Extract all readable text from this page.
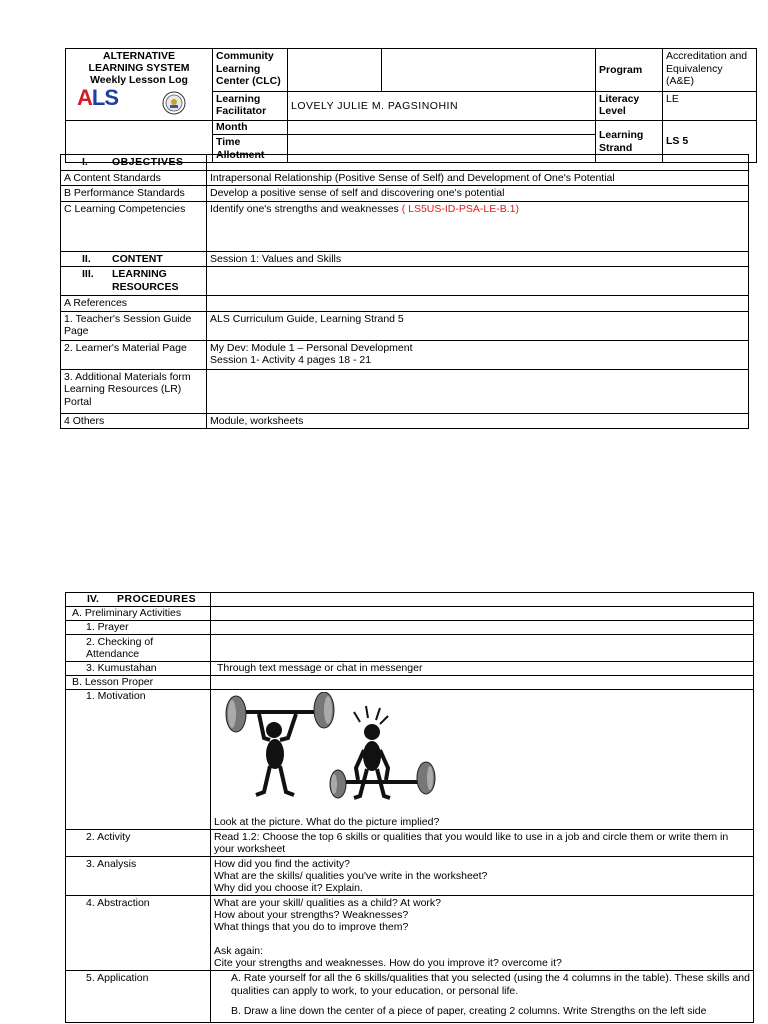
ALTERNATIVE
LEARNING SYSTEM
Weekly Lesson Log
ALS	Community Learning Center (CLC)			Program	Accreditation and Equivalency (A&E)
	Learning Facilitator	LOVELY JULIE M. PAGSINOHIN		Literacy Level	LE
	Month			Learning Strand	LS 5
	Time Allotment				
I. OBJECTIVES	
A Content Standards	Intrapersonal Relationship (Positive Sense of Self) and Development of One's Potential
B Performance Standards	Develop a positive sense of self and discovering one's potential
C Learning Competencies	Identify one's strengths and weaknesses ( LS5US-ID-PSA-LE-B.1)
II. CONTENT	Session 1: Values and Skills
III. LEARNING
RESOURCES	
A References	
1. Teacher's Session Guide Page	ALS Curriculum Guide, Learning Strand 5
2. Learner's Material Page	My Dev: Module 1 – Personal Development
Session 1- Activity 4 pages 18 - 21

3. Additional Materials form Learning Resources (LR) Portal	
4 Others	Module, worksheets
IV. PROCEDURES	
A. Preliminary Activities	
1. Prayer	
2. Checking of Attendance	
3. Kumustahan	Through text message or chat in messenger
B. Lesson Proper	
1. Motivation	Look at the picture. What do the picture implied?

2. Activity	Read 1.2: Choose the top 6 skills or qualities that you would like to use in a job and circle them or write them in your worksheet
3. Analysis	How did you find the activity?
What are the skills/ qualities you've write in the worksheet?
Why did you choose it? Explain.

4. Abstraction	What are your skill/ qualities as a child? At work?
How about your strengths? Weaknesses?
What things that you do to improve them?
Ask again:
Cite your strengths and weaknesses. How do you improve it? overcome it?

5. Application	A. Rate yourself for all the 6 skills/qualities that you selected (using the 4 columns in the table). These skills and qualities can apply to work, to your education, or personal life.
B. Draw a line down the center of a piece of paper, creating 2 columns. Write Strengths on the left side
